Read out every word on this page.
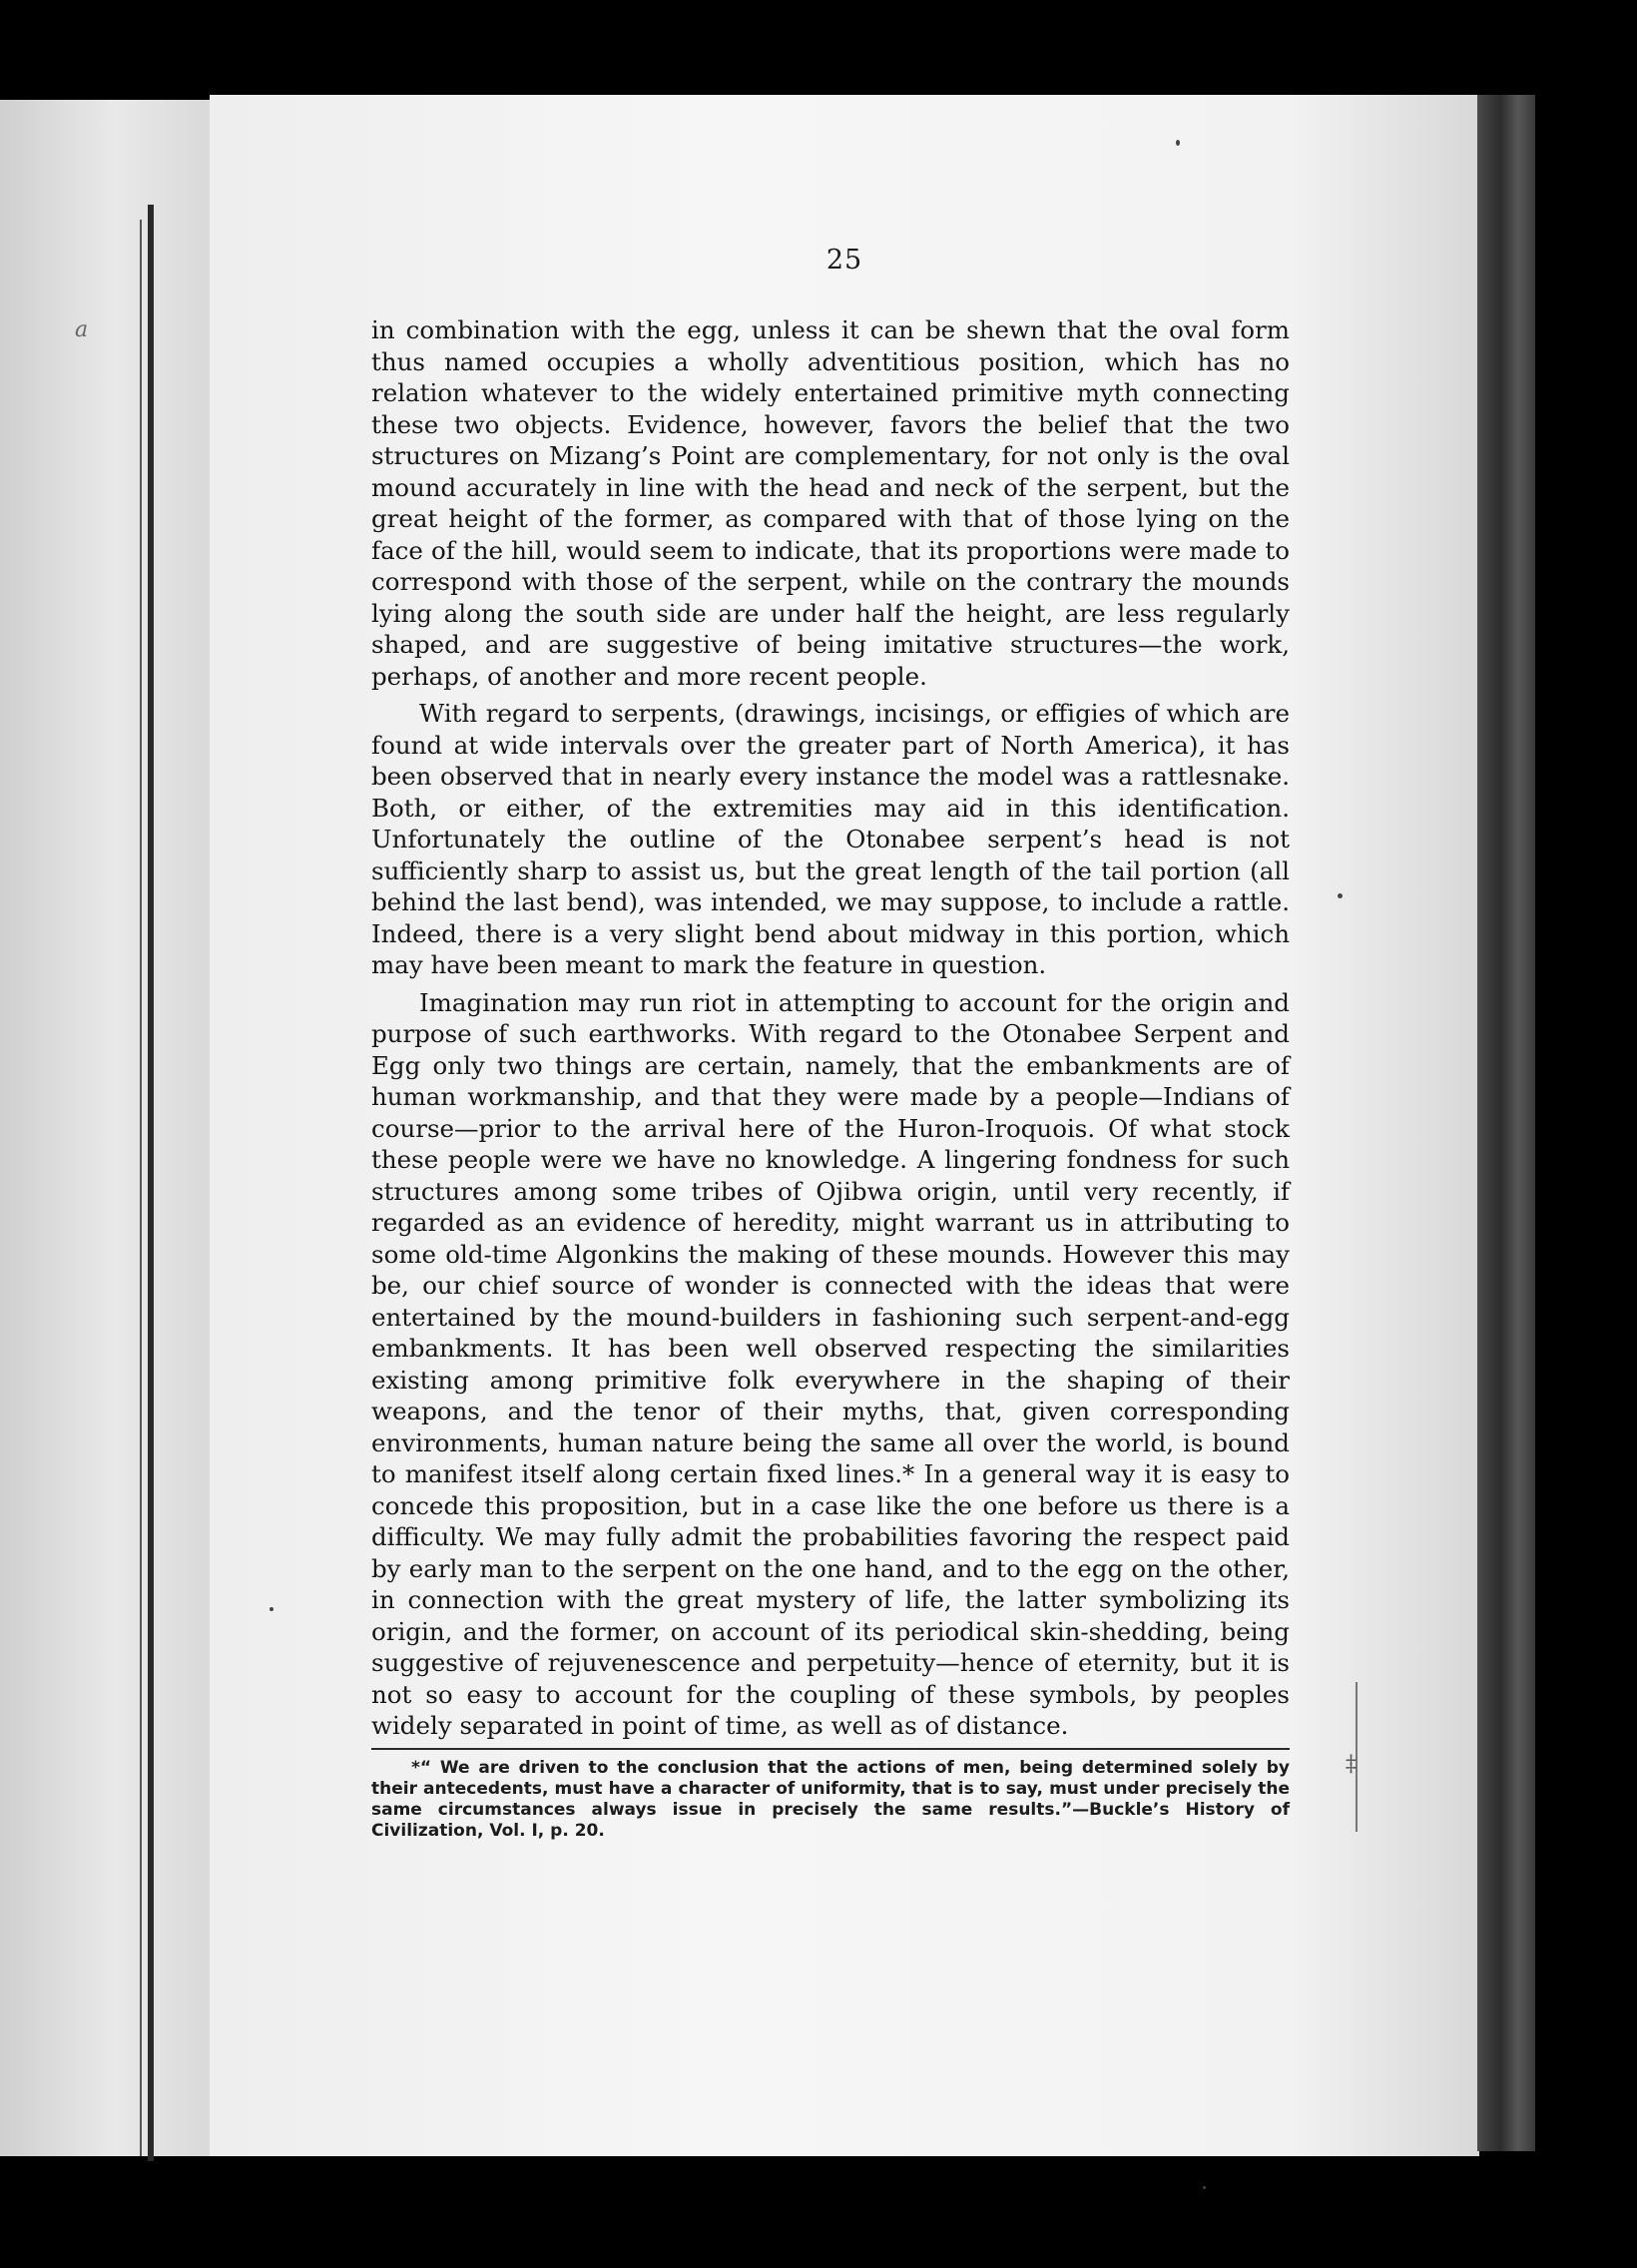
a
25

in combination with the egg, unless it can be shewn that the oval form thus named occupies a wholly adventitious position, which has no relation whatever to the widely entertained primitive myth connecting these two objects. Evidence, however, favors the belief that the two structures on Mizang’s Point are complementary, for not only is the oval mound accurately in line with the head and neck of the serpent, but the great height of the former, as compared with that of those lying on the face of the hill, would seem to indicate, that its proportions were made to correspond with those of the serpent, while on the contrary the mounds lying along the south side are under half the height, are less regularly shaped, and are suggestive of being imitative structures—the work, perhaps, of another and more recent people.

With regard to serpents, (drawings, incisings, or effigies of which are found at wide intervals over the greater part of North America), it has been observed that in nearly every instance the model was a rattlesnake. Both, or either, of the extremities may aid in this identification. Unfortunately the outline of the Otonabee serpent’s head is not sufficiently sharp to assist us, but the great length of the tail portion (all behind the last bend), was intended, we may suppose, to include a rattle. Indeed, there is a very slight bend about midway in this portion, which may have been meant to mark the feature in question.

Imagination may run riot in attempting to account for the origin and purpose of such earthworks. With regard to the Otonabee Serpent and Egg only two things are certain, namely, that the embankments are of human workmanship, and that they were made by a people—Indians of course—prior to the arrival here of the Huron-Iroquois. Of what stock these people were we have no knowledge. A lingering fondness for such structures among some tribes of Ojibwa origin, until very recently, if regarded as an evidence of heredity, might warrant us in attributing to some old-time Algonkins the making of these mounds. However this may be, our chief source of wonder is connected with the ideas that were entertained by the mound-builders in fashioning such serpent-and-egg embankments. It has been well observed respecting the similarities existing among primitive folk everywhere in the shaping of their weapons, and the tenor of their myths, that, given corresponding environments, human nature being the same all over the world, is bound to manifest itself along certain fixed lines.* In a general way it is easy to concede this proposition, but in a case like the one before us there is a difficulty. We may fully admit the probabilities favoring the respect paid by early man to the serpent on the one hand, and to the egg on the other, in connection with the great mystery of life, the latter symbolizing its origin, and the former, on account of its periodical skin-shedding, being suggestive of rejuvenescence and perpetuity—hence of eternity, but it is not so easy to account for the coupling of these symbols, by peoples widely separated in point of time, as well as of distance.

*“ We are driven to the conclusion that the actions of men, being determined solely by their antecedents, must have a character of uniformity, that is to say, must under precisely the same circumstances always issue in precisely the same results.”—Buckle’s History of Civilization, Vol. I, p. 20.

‡
